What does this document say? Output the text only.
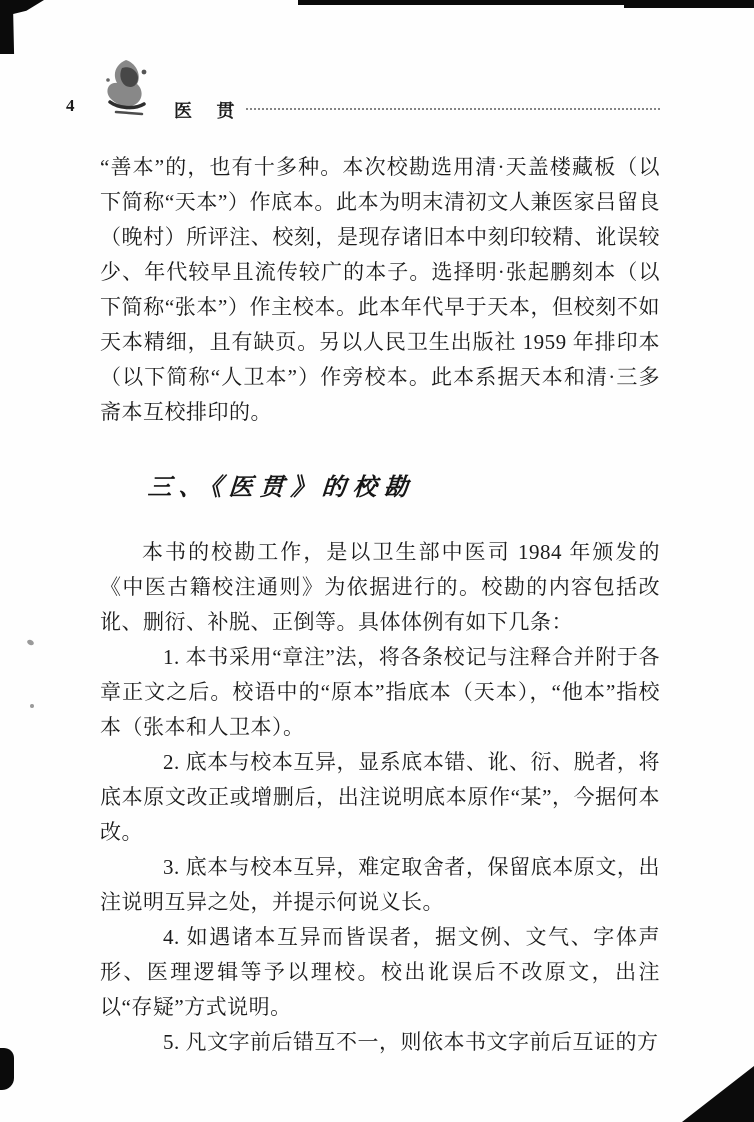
4	医 贯

“善本”的，也有十多种。本次校勘选用清·天盖楼藏板（以下简称“天本”）作底本。此本为明末清初文人兼医家吕留良（晚村）所评注、校刻，是现存诸旧本中刻印较精、讹误较少、年代较早且流传较广的本子。选择明·张起鹏刻本（以下简称“张本”）作主校本。此本年代早于天本，但校刻不如天本精细，且有缺页。另以人民卫生出版社 1959 年排印本（以下简称“人卫本”）作旁校本。此本系据天本和清·三多斋本互校排印的。

三、《医贯》的校勘

本书的校勘工作，是以卫生部中医司 1984 年颁发的《中医古籍校注通则》为依据进行的。校勘的内容包括改讹、删衍、补脱、正倒等。具体体例有如下几条：

1. 本书采用“章注”法，将各条校记与注释合并附于各章正文之后。校语中的“原本”指底本（天本），“他本”指校本（张本和人卫本）。

2. 底本与校本互异，显系底本错、讹、衍、脱者，将底本原文改正或增删后，出注说明底本原作“某”，今据何本改。

3. 底本与校本互异，难定取舍者，保留底本原文，出注说明互异之处，并提示何说义长。

4. 如遇诸本互异而皆误者，据文例、文气、字体声形、医理逻辑等予以理校。校出讹误后不改原文，出注以“存疑”方式说明。

5. 凡文字前后错互不一，则依本书文字前后互证的方
